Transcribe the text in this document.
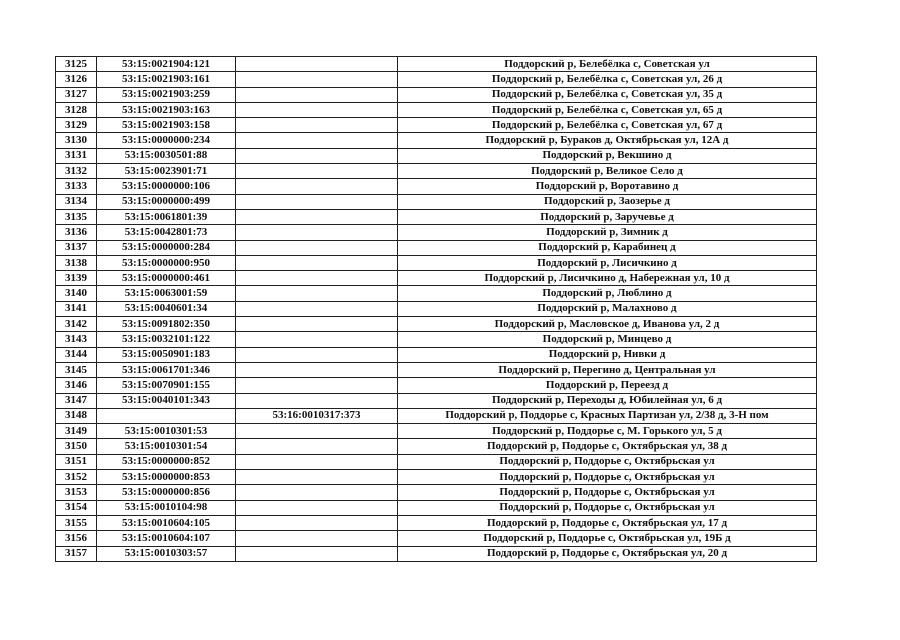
3125	53:15:0021904:121		Поддорский р, Белебёлка с, Советская ул
3126	53:15:0021903:161		Поддорский р, Белебёлка с, Советская ул, 26 д
3127	53:15:0021903:259		Поддорский р, Белебёлка с, Советская ул, 35 д
3128	53:15:0021903:163		Поддорский р, Белебёлка с, Советская ул, 65 д
3129	53:15:0021903:158		Поддорский р, Белебёлка с, Советская ул, 67 д
3130	53:15:0000000:234		Поддорский р, Бураков д, Октябрьская ул, 12А д
3131	53:15:0030501:88		Поддорский р, Векшино д
3132	53:15:0023901:71		Поддорский р, Великое Село д
3133	53:15:0000000:106		Поддорский р, Воротавино д
3134	53:15:0000000:499		Поддорский р, Заозерье д
3135	53:15:0061801:39		Поддорский р, Заручевье д
3136	53:15:0042801:73		Поддорский р, Зимник д
3137	53:15:0000000:284		Поддорский р, Карабинец д
3138	53:15:0000000:950		Поддорский р, Лисичкино д
3139	53:15:0000000:461		Поддорский р, Лисичкино д, Набережная ул, 10 д
3140	53:15:0063001:59		Поддорский р, Люблино д
3141	53:15:0040601:34		Поддорский р, Малахново д
3142	53:15:0091802:350		Поддорский р, Масловское д, Иванова ул, 2 д
3143	53:15:0032101:122		Поддорский р, Минцево д
3144	53:15:0050901:183		Поддорский р, Нивки д
3145	53:15:0061701:346		Поддорский р, Перегино д, Центральная ул
3146	53:15:0070901:155		Поддорский р, Переезд д
3147	53:15:0040101:343		Поддорский р, Переходы д, Юбилейная ул, 6 д
3148		53:16:0010317:373	Поддорский р, Поддорье с, Красных Партизан ул, 2/38 д, 3-Н пом
3149	53:15:0010301:53		Поддорский р, Поддорье с, М. Горького ул, 5 д
3150	53:15:0010301:54		Поддорский р, Поддорье с, Октябрьская ул, 38 д
3151	53:15:0000000:852		Поддорский р, Поддорье с, Октябрьская ул
3152	53:15:0000000:853		Поддорский р, Поддорье с, Октябрьская ул
3153	53:15:0000000:856		Поддорский р, Поддорье с, Октябрьская ул
3154	53:15:0010104:98		Поддорский р, Поддорье с, Октябрьская ул
3155	53:15:0010604:105		Поддорский р, Поддорье с, Октябрьская ул, 17 д
3156	53:15:0010604:107		Поддорский р, Поддорье с, Октябрьская ул, 19Б д
3157	53:15:0010303:57		Поддорский р, Поддорье с, Октябрьская ул, 20 д
